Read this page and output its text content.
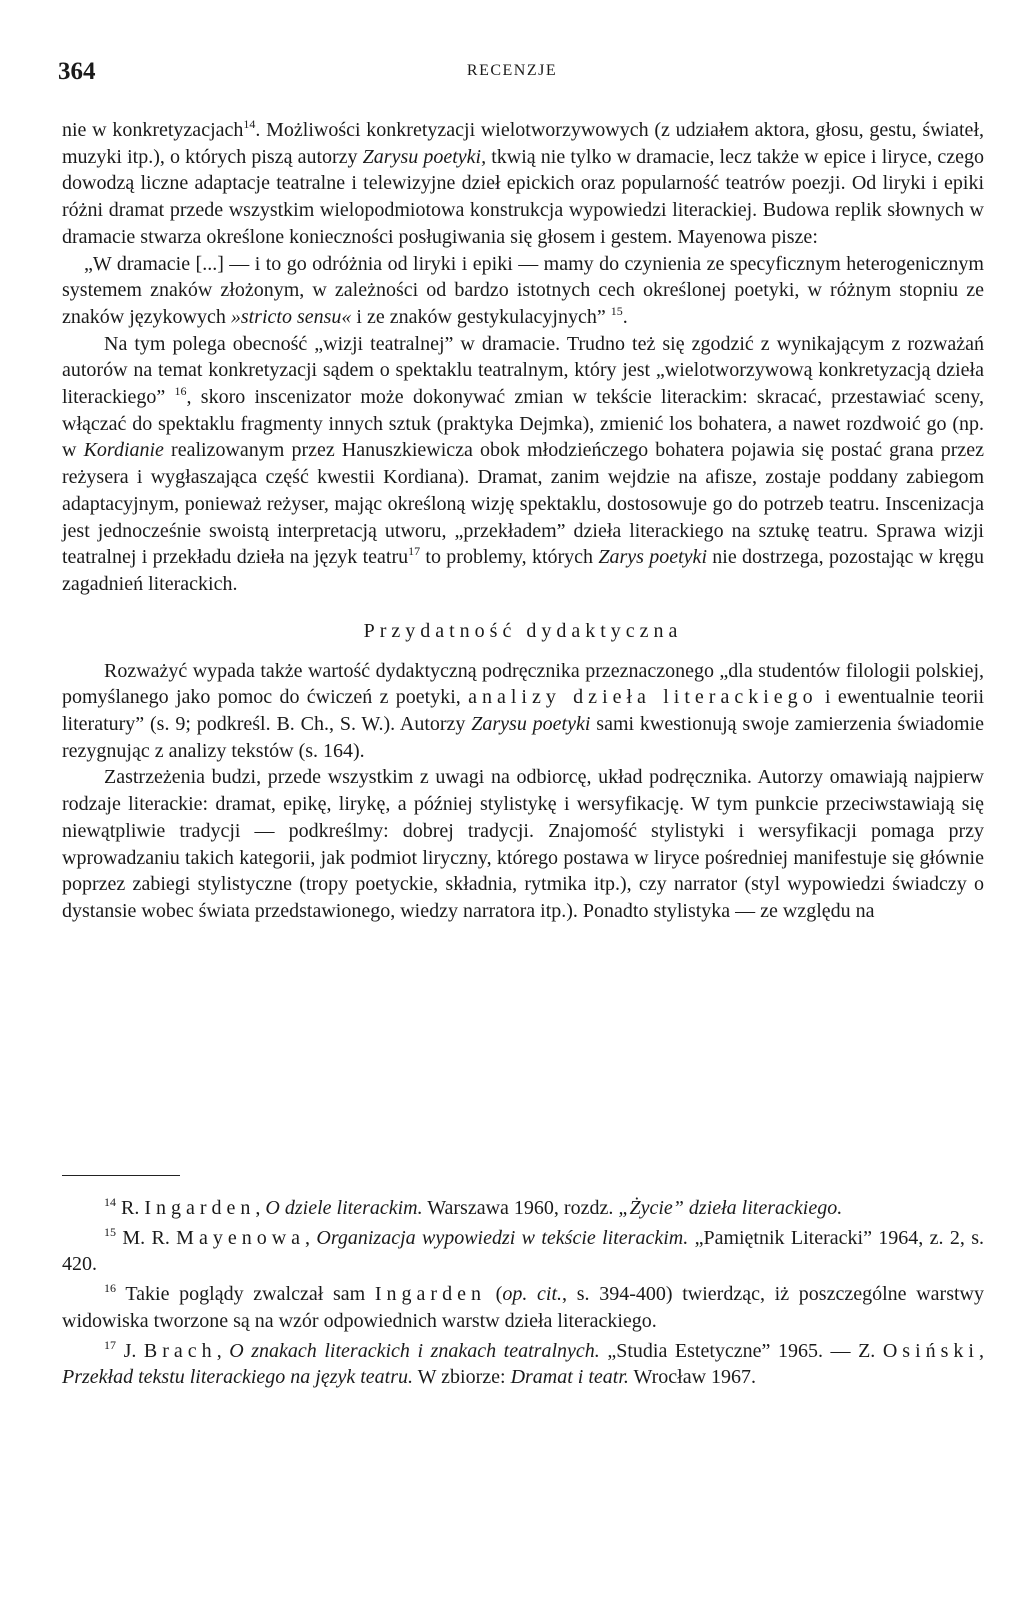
364	RECENZJE

nie w konkretyzacjach$^{14}$. Możliwości konkretyzacji wielotworzywowych (z udziałem aktora, głosu, gestu, świateł, muzyki itp.), o których piszą autorzy Zarysu poetyki, tkwią nie tylko w dramacie, lecz także w epice i liryce, czego dowodzą liczne adaptacje teatralne i telewizyjne dzieł epickich oraz popularność teatrów poezji. Od liryki i epiki różni dramat przede wszystkim wielopodmiotowa konstrukcja wypowiedzi literackiej. Budowa replik słownych w dramacie stwarza określone konieczności posługiwania się głosem i gestem. Mayenowa pisze:

„W dramacie [...] — i to go odróżnia od liryki i epiki — mamy do czynienia ze specyficznym heterogenicznym systemem znaków złożonym, w zależności od bardzo istotnych cech określonej poetyki, w różnym stopniu ze znaków językowych »stricto sensu« i ze znaków gestykulacyjnych” $^{15}$.

Na tym polega obecność „wizji teatralnej” w dramacie. Trudno też się zgodzić z wynikającym z rozważań autorów na temat konkretyzacji sądem o spektaklu teatralnym, który jest „wielotworzywową konkretyzacją dzieła literackiego” $^{16}$, skoro inscenizator może dokonywać zmian w tekście literackim: skracać, przestawiać sceny, włączać do spektaklu fragmenty innych sztuk (praktyka Dejmka), zmienić los bohatera, a nawet rozdwoić go (np. w Kordianie realizowanym przez Hanuszkiewicza obok młodzieńczego bohatera pojawia się postać grana przez reżysera i wygłaszająca część kwestii Kordiana). Dramat, zanim wejdzie na afisze, zostaje poddany zabiegom adaptacyjnym, ponieważ reżyser, mając określoną wizję spektaklu, dostosowuje go do potrzeb teatru. Inscenizacja jest jednocześnie swoistą interpretacją utworu, „przekładem” dzieła literackiego na sztukę teatru. Sprawa wizji teatralnej i przekładu dzieła na język teatru$^{17}$ to problemy, których Zarys poetyki nie dostrzega, pozostając w kręgu zagadnień literackich.

Przydatność dydaktyczna

Rozważyć wypada także wartość dydaktyczną podręcznika przeznaczonego „dla studentów filologii polskiej, pomyślanego jako pomoc do ćwiczeń z poetyki, analizy dzieła literackiego i ewentualnie teorii literatury” (s. 9; podkreśl. B. Ch., S. W.). Autorzy Zarysu poetyki sami kwestionują swoje zamierzenia świadomie rezygnując z analizy tekstów (s. 164).

Zastrzeżenia budzi, przede wszystkim z uwagi na odbiorcę, układ podręcznika. Autorzy omawiają najpierw rodzaje literackie: dramat, epikę, lirykę, a później stylistykę i wersyfikację. W tym punkcie przeciwstawiają się niewątpliwie tradycji — podkreślmy: dobrej tradycji. Znajomość stylistyki i wersyfikacji pomaga przy wprowadzaniu takich kategorii, jak podmiot liryczny, którego postawa w liryce pośredniej manifestuje się głównie poprzez zabiegi stylistyczne (tropy poetyckie, składnia, rytmika itp.), czy narrator (styl wypowiedzi świadczy o dystansie wobec świata przedstawionego, wiedzy narratora itp.). Ponadto stylistyka — ze względu na

$^{14}$ R. Ingarden, O dziele literackim. Warszawa 1960, rozdz. „Życie” dzieła literackiego.

$^{15}$ M. R. Mayenowa, Organizacja wypowiedzi w tekście literackim. „Pamiętnik Literacki” 1964, z. 2, s. 420.

$^{16}$ Takie poglądy zwalczał sam Ingarden (op. cit., s. 394-400) twierdząc, iż poszczególne warstwy widowiska tworzone są na wzór odpowiednich warstw dzieła literackiego.

$^{17}$ J. Brach, O znakach literackich i znakach teatralnych. „Studia Estetyczne” 1965. — Z. Osiński, Przekład tekstu literackiego na język teatru. W zbiorze: Dramat i teatr. Wrocław 1967.
